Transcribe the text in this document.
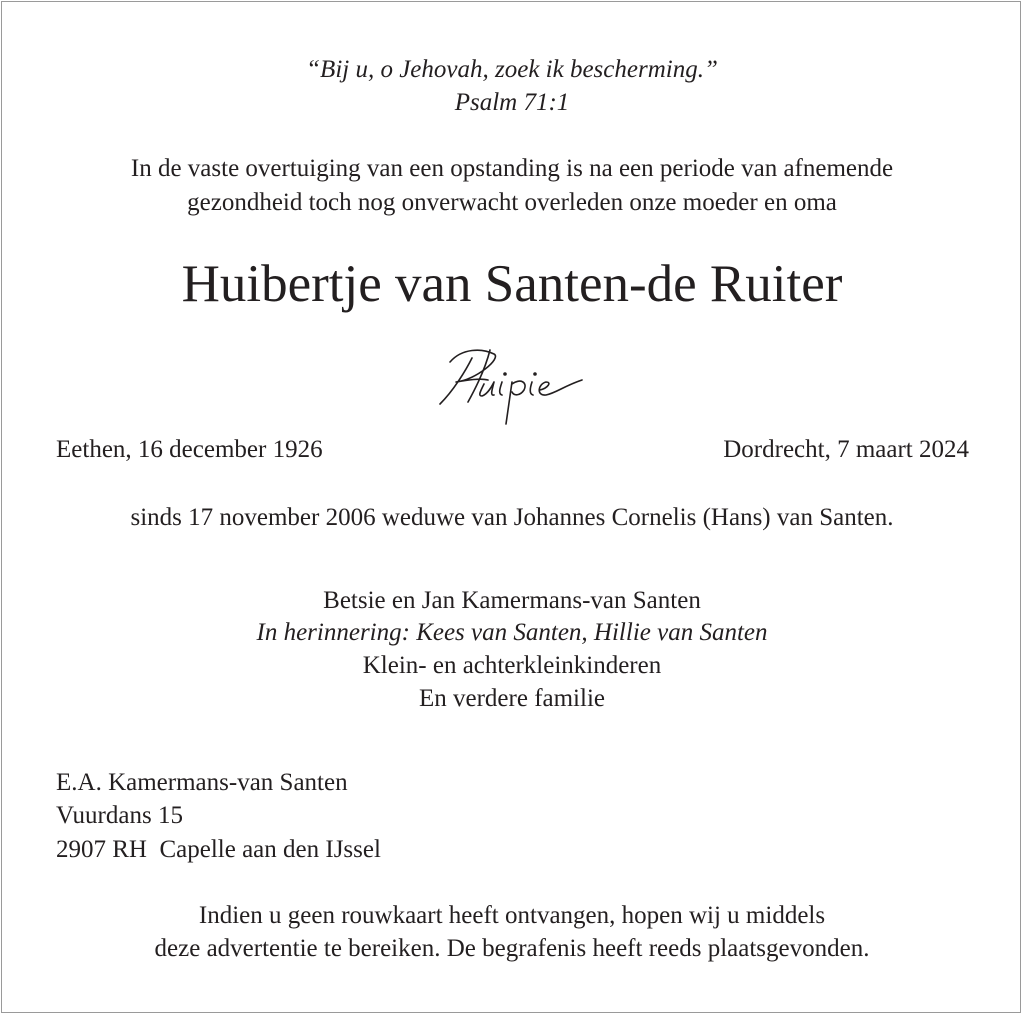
“Bij u, o Jehovah, zoek ik bescherming.”
Psalm 71:1
In de vaste overtuiging van een opstanding is na een periode van afnemende
gezondheid toch nog onverwacht overleden onze moeder en oma
Huibertje van Santen-de Ruiter
Eethen, 16 december 1926	Dordrecht, 7 maart 2024
sinds 17 november 2006 weduwe van Johannes Cornelis (Hans) van Santen.
Betsie en Jan Kamermans-van Santen
In herinnering: Kees van Santen, Hillie van Santen
Klein- en achterkleinkinderen
En verdere familie
E.A. Kamermans-van Santen
Vuurdans 15
2907 RH  Capelle aan den IJssel
Indien u geen rouwkaart heeft ontvangen, hopen wij u middels
deze advertentie te bereiken. De begrafenis heeft reeds plaatsgevonden.
